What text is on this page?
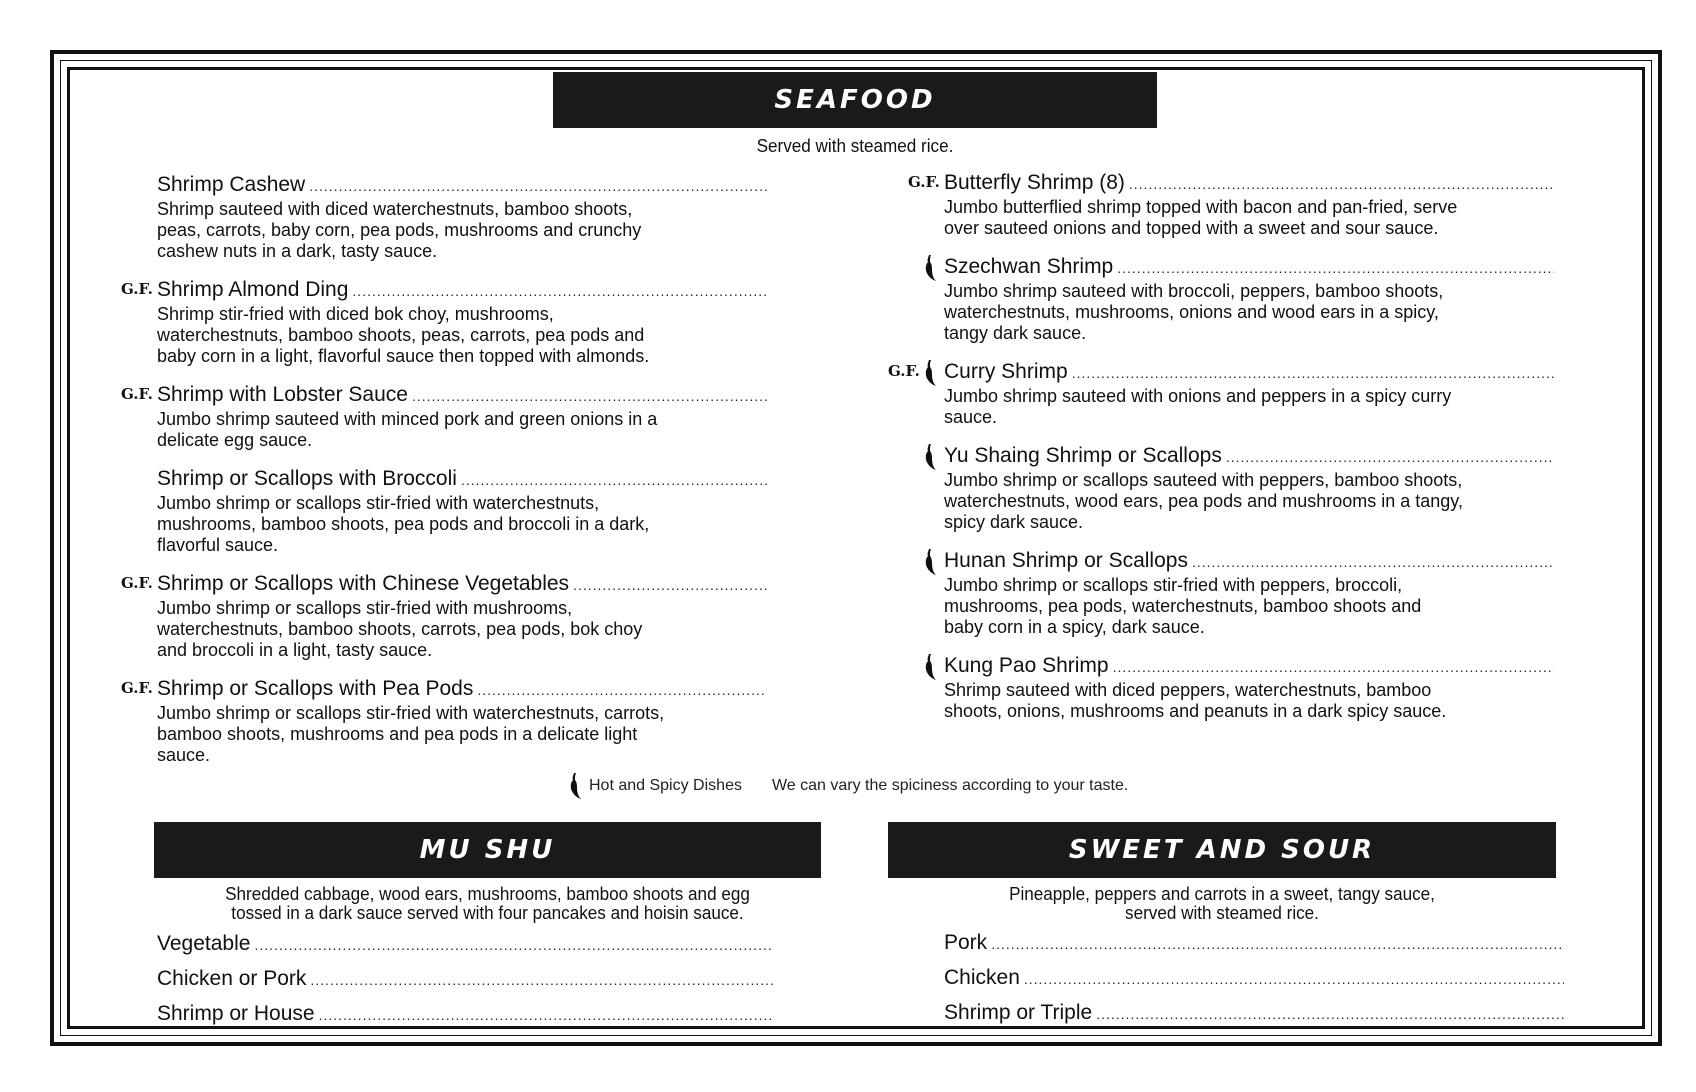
SEAFOOD
Served with steamed rice.
Shrimp Cashew
.....
Shrimp sauteed with diced waterchestnuts, bamboo shoots, peas, carrots, baby corn, pea pods, mushrooms and crunchy cashew nuts in a dark, tasty sauce.
G.F. Shrimp Almond Ding
.....
Shrimp stir-fried with diced bok choy, mushrooms, waterchestnuts, bamboo shoots, peas, carrots, pea pods and baby corn in a light, flavorful sauce then topped with almonds.
G.F. Shrimp with Lobster Sauce
.....
Jumbo shrimp sauteed with minced pork and green onions in a delicate egg sauce.
Shrimp or Scallops with Broccoli
.....
Jumbo shrimp or scallops stir-fried with waterchestnuts, mushrooms, bamboo shoots, pea pods and broccoli in a dark, flavorful sauce.
G.F. Shrimp or Scallops with Chinese Vegetables
.....
Jumbo shrimp or scallops stir-fried with mushrooms, waterchestnuts, bamboo shoots, carrots, pea pods, bok choy and broccoli in a light, tasty sauce.
G.F. Shrimp or Scallops with Pea Pods
.....
Jumbo shrimp or scallops stir-fried with waterchestnuts, carrots, bamboo shoots, mushrooms and pea pods in a delicate light sauce.
G.F. Butterfly Shrimp (8)
.....
Jumbo butterflied shrimp topped with bacon and pan-fried, serve over sauteed onions and topped with a sweet and sour sauce.
Szechwan Shrimp
.....
Jumbo shrimp sauteed with broccoli, peppers, bamboo shoots, waterchestnuts, mushrooms, onions and wood ears in a spicy, tangy dark sauce.
G.F. Curry Shrimp
.....
Jumbo shrimp sauteed with onions and peppers in a spicy curry sauce.
Yu Shaing Shrimp or Scallops
.....
Jumbo shrimp or scallops sauteed with peppers, bamboo shoots, waterchestnuts, wood ears, pea pods and mushrooms in a tangy, spicy dark sauce.
Hunan Shrimp or Scallops
.....
Jumbo shrimp or scallops stir-fried with peppers, broccoli, mushrooms, pea pods, waterchestnuts, bamboo shoots and baby corn in a spicy, dark sauce.
Kung Pao Shrimp
.....
Shrimp sauteed with diced peppers, waterchestnuts, bamboo shoots, onions, mushrooms and peanuts in a dark spicy sauce.
Hot and Spicy Dishes We can vary the spiciness according to your taste.
MU SHU
Shredded cabbage, wood ears, mushrooms, bamboo shoots and egg
tossed in a dark sauce served with four pancakes and hoisin sauce.
Vegetable
.....
Chicken or Pork
.....
Shrimp or House
.....
SWEET AND SOUR
Pineapple, peppers and carrots in a sweet, tangy sauce,
served with steamed rice.
Pork
.....
Chicken
.....
Shrimp or Triple
.....
